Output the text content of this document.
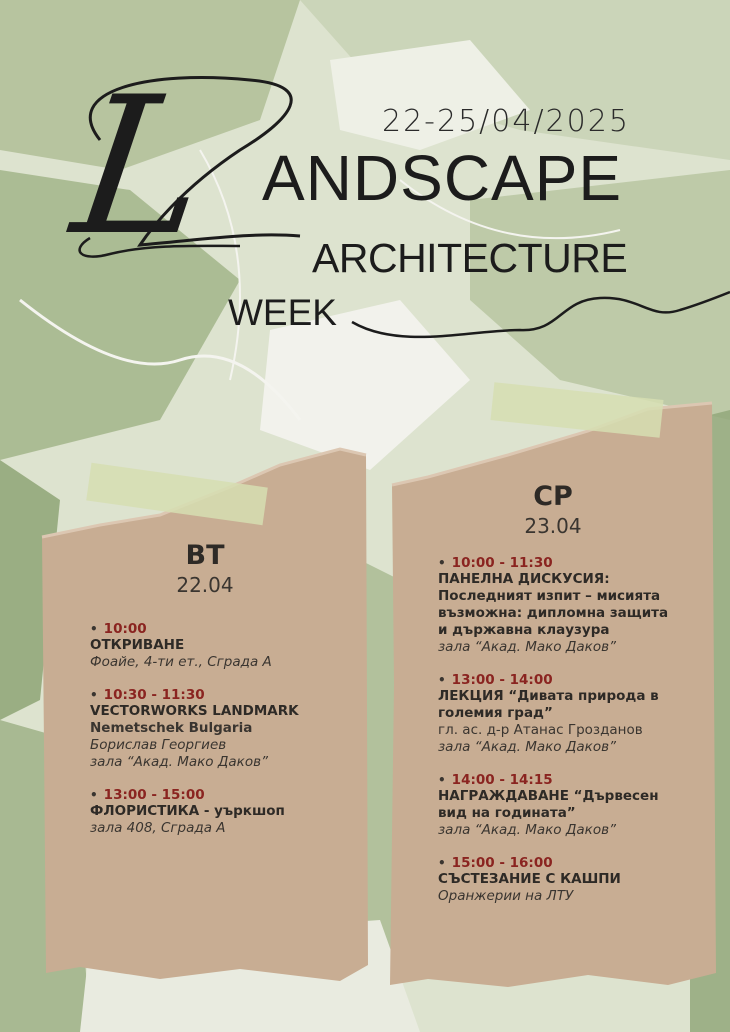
L	22-25/04/2025
ANDSCAPE
ARCHITECTURE
WEEK
ВТ
22.04
• 10:00
ОТКРИВАНЕ
Фоайе, 4-ти ет., Сграда А
• 10:30 - 11:30
VECTORWORKS LANDMARK
Nemetschek Bulgaria
Борислав Георгиев
зала “Акад. Мако Даков”
• 13:00 - 15:00
ФЛОРИСТИКА - уъркшоп
зала 408, Сграда А
СР
23.04
• 10:00 - 11:30
ПАНЕЛНА ДИСКУСИЯ:
Последният изпит – мисията
възможна: дипломна защита
и държавна клаузура
зала “Акад. Мако Даков”
• 13:00 - 14:00
ЛЕКЦИЯ “Дивата природа в
големия град”
гл. ас. д-р Атанас Грозданов
зала “Акад. Мако Даков”
• 14:00 - 14:15
НАГРАЖДАВАНЕ “Дървесен
вид на годината”
зала “Акад. Мако Даков”
• 15:00 - 16:00
СЪСТЕЗАНИЕ С КАШПИ
Оранжерии на ЛТУ
